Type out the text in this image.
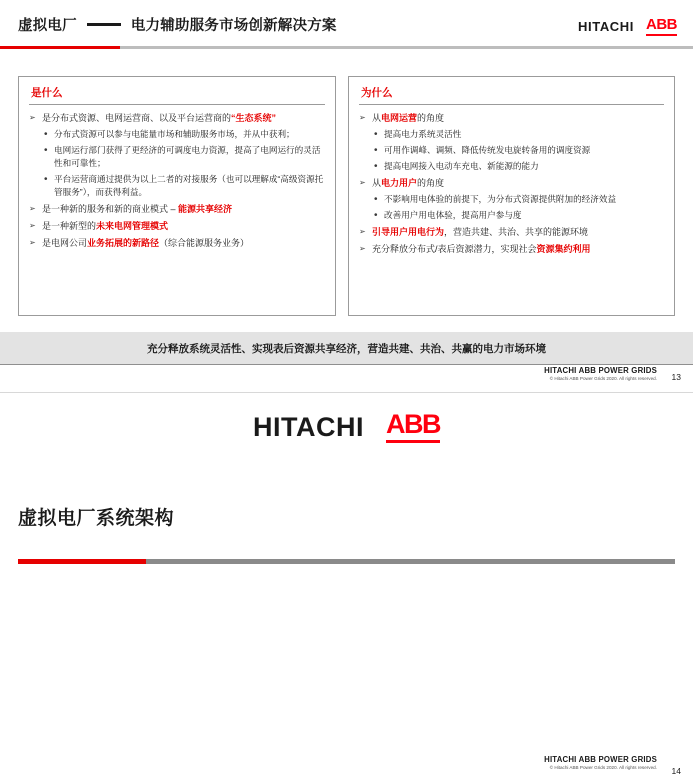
虚拟电厂	电力辅助服务市场创新解决方案	HITACHI ABB
是什么
➢ 是分布式资源、电网运营商、以及平台运营商的“生态系统”
• 分布式资源可以参与电能量市场和辅助服务市场，并从中获利；
• 电网运行部门获得了更经济的可调度电力资源，提高了电网运行的灵活性和可靠性；
• 平台运营商通过提供为以上二者的对接服务（也可以理解成“高级资源托管服务”），而获得利益。
➢ 是一种新的服务和新的商业模式 – 能源共享经济
➢ 是一种新型的未来电网管理模式
➢ 是电网公司业务拓展的新路径（综合能源服务业务）
为什么
➢ 从电网运营的角度
• 提高电力系统灵活性
• 可用作调峰、调频、降低传统发电旋转备用的调度资源
• 提高电网接入电动车充电、新能源的能力
➢ 从电力用户的角度
• 不影响用电体验的前提下，为分布式资源提供附加的经济效益
• 改善用户用电体验，提高用户参与度
➢ 引导用户用电行为，营造共建、共治、共享的能源环境
➢ 充分释放分布式/表后资源潜力，实现社会资源集约利用
充分释放系统灵活性、实现表后资源共享经济，营造共建、共治、共赢的电力市场环境
HITACHI ABB POWER GRIDS
© Hitachi ABB Power Grids 2020. All rights reserved. 13
HITACHI ABB
虚拟电厂系统架构
HITACHI ABB POWER GRIDS
© Hitachi ABB Power Grids 2020. All rights reserved. 14
